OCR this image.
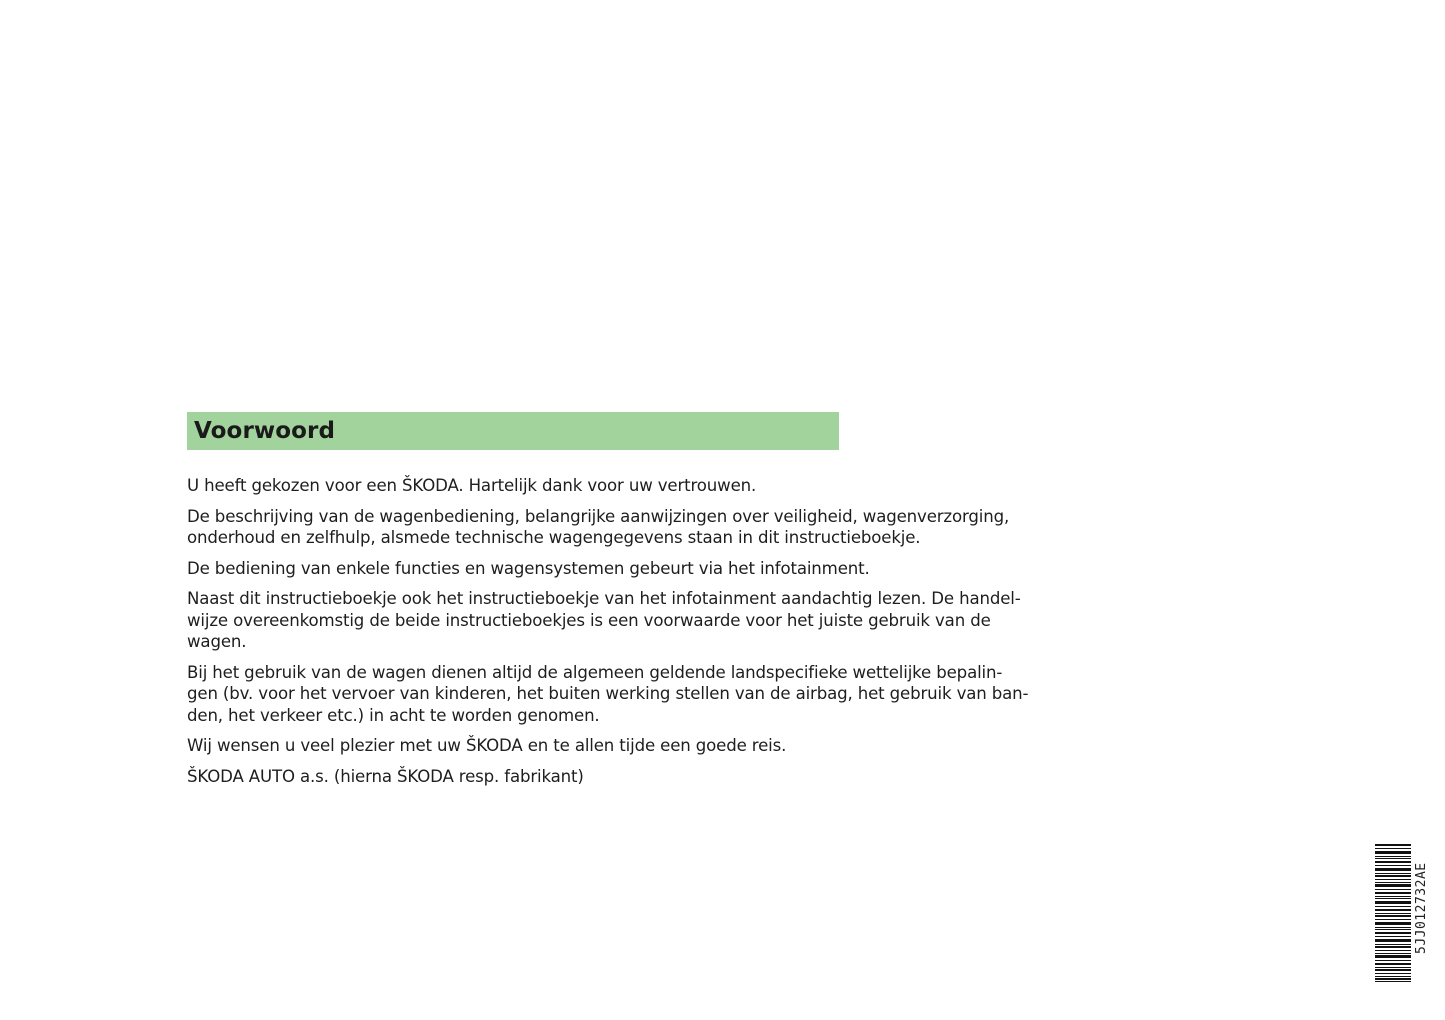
Voorwoord

U heeft gekozen voor een ŠKODA. Hartelijk dank voor uw vertrouwen.

De beschrijving van de wagenbediening, belangrijke aanwijzingen over veiligheid, wagenverzorging,
onderhoud en zelfhulp, alsmede technische wagengegevens staan in dit instructieboekje.

De bediening van enkele functies en wagensystemen gebeurt via het infotainment.

Naast dit instructieboekje ook het instructieboekje van het infotainment aandachtig lezen. De handel-
wijze overeenkomstig de beide instructieboekjes is een voorwaarde voor het juiste gebruik van de
wagen.

Bij het gebruik van de wagen dienen altijd de algemeen geldende landspecifieke wettelijke bepalin-
gen (bv. voor het vervoer van kinderen, het buiten werking stellen van de airbag, het gebruik van ban-
den, het verkeer etc.) in acht te worden genomen.

Wij wensen u veel plezier met uw ŠKODA en te allen tijde een goede reis.

ŠKODA AUTO a.s. (hierna ŠKODA resp. fabrikant)

5JJ012732AE
